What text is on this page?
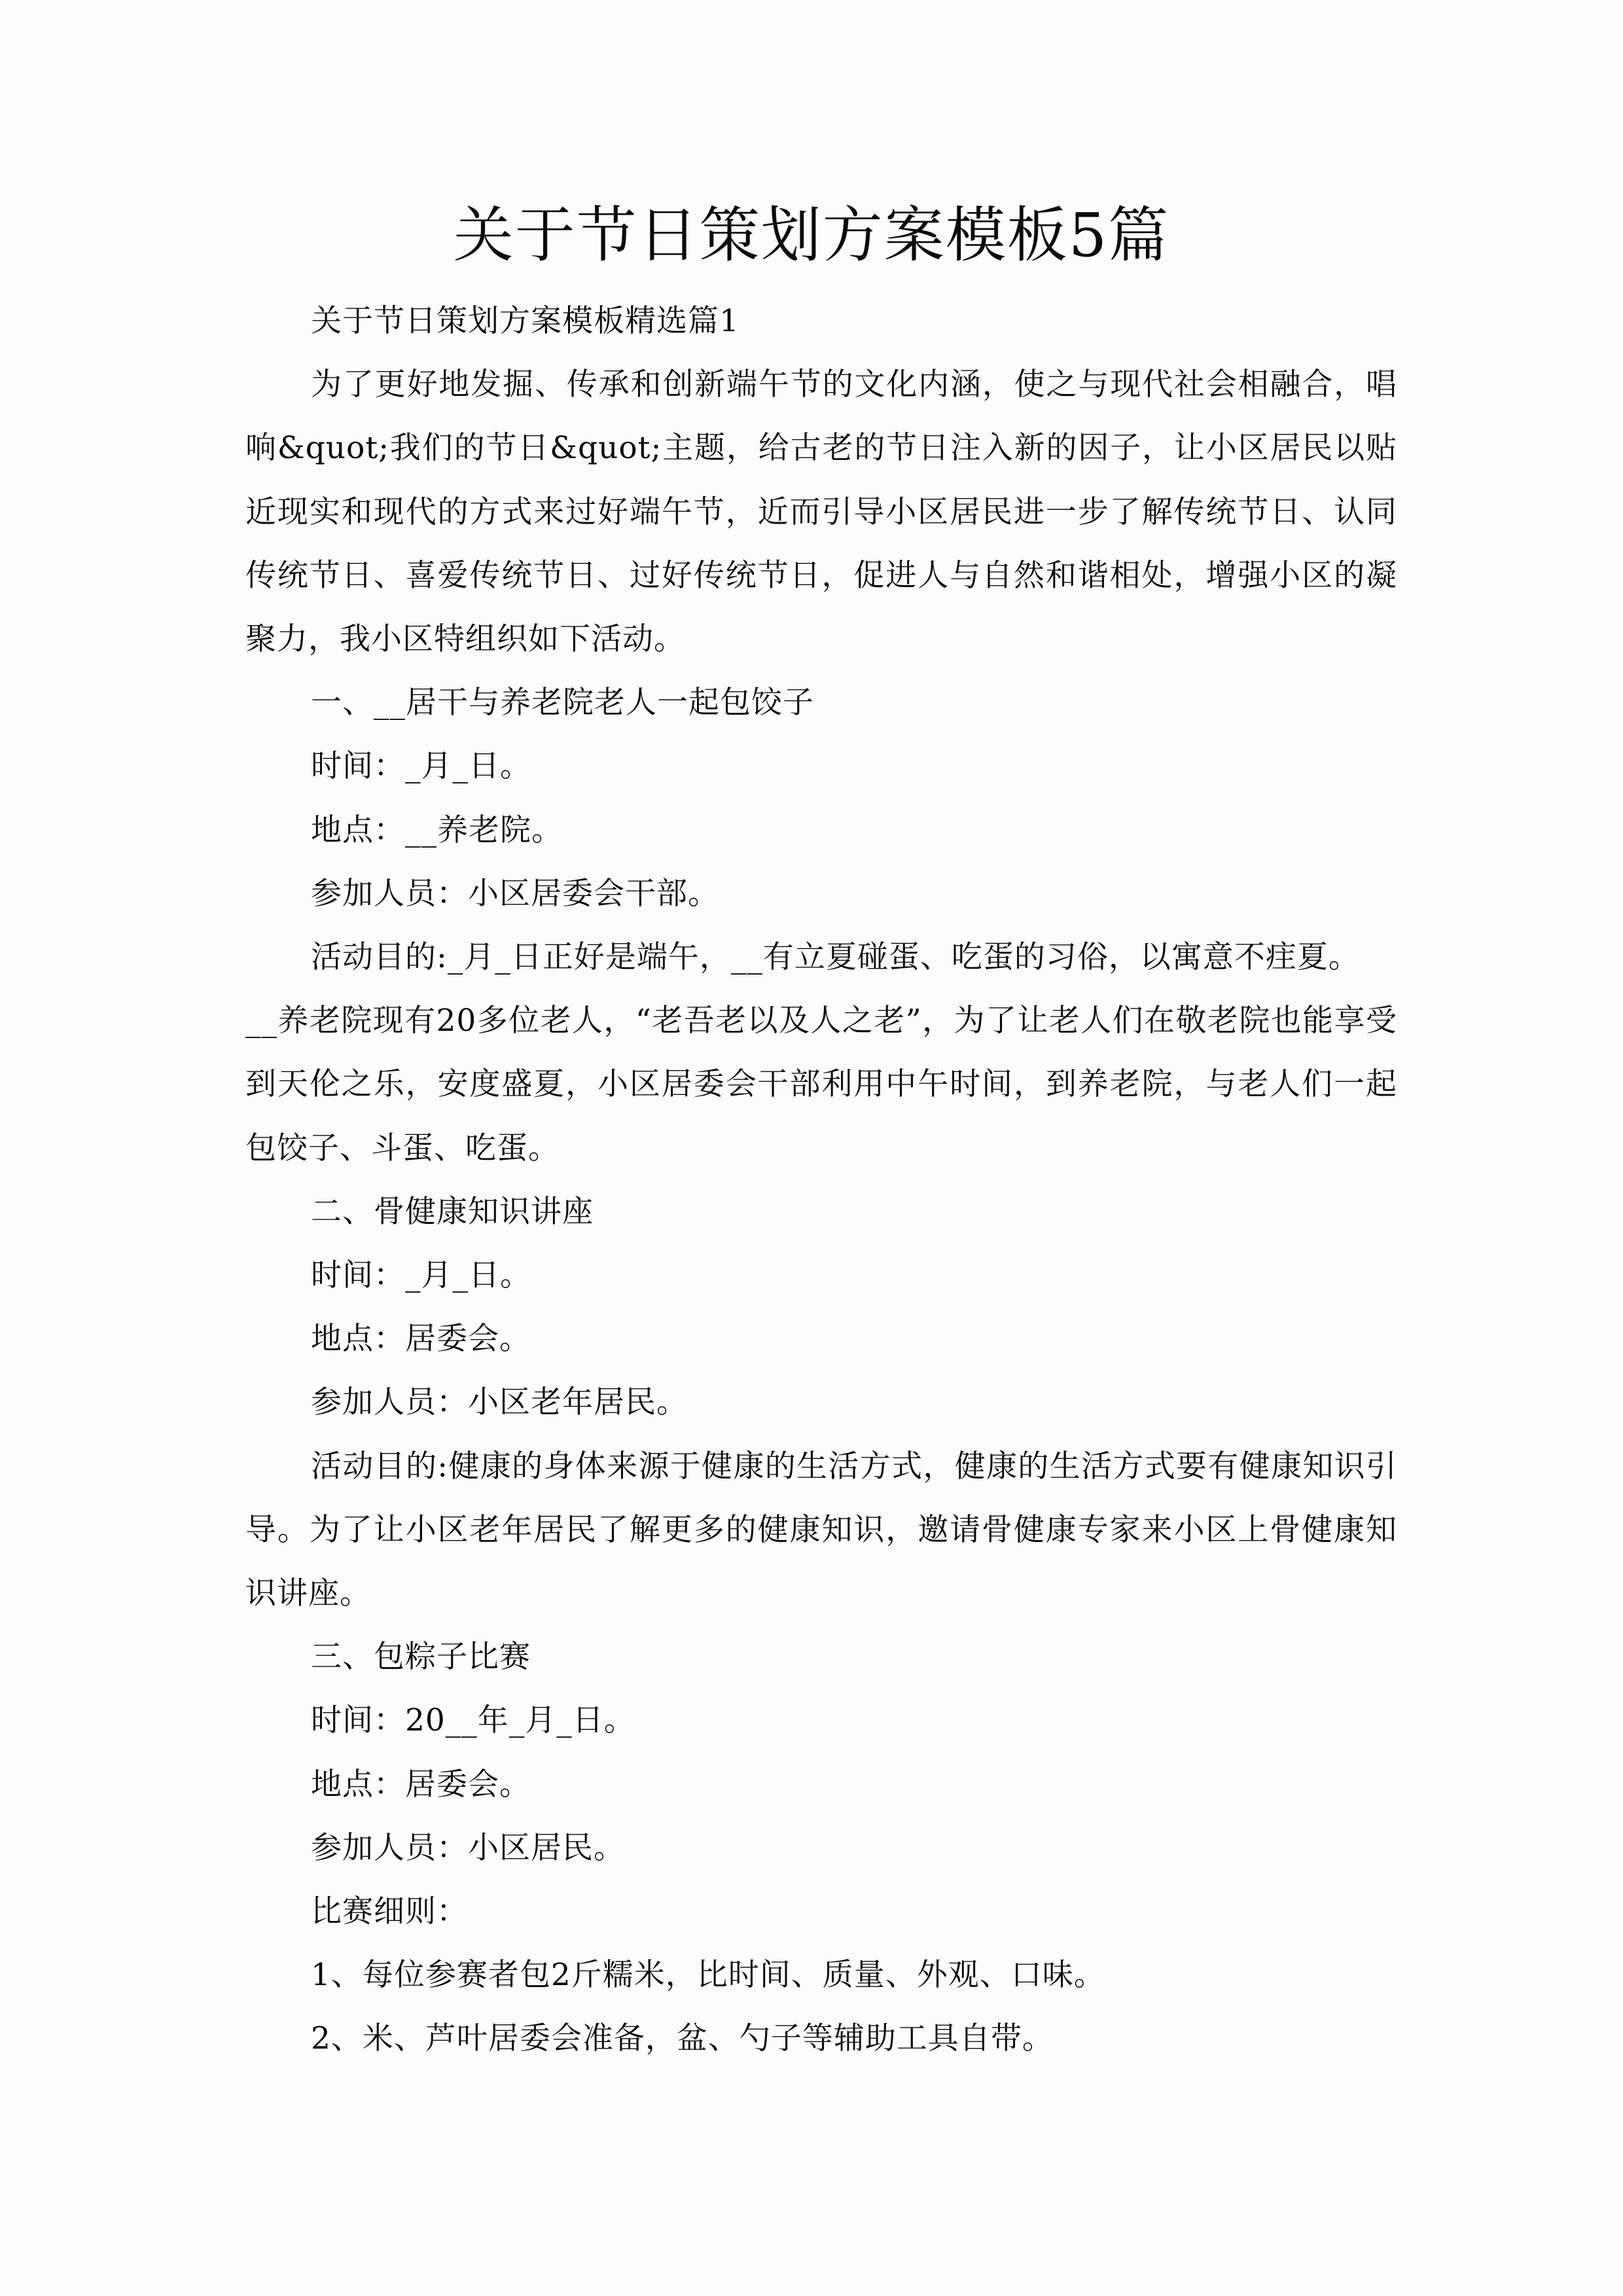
关于节日策划方案模板5篇

关于节日策划方案模板精选篇1

为了更好地发掘、传承和创新端午节的文化内涵，使之与现代社会相融合，唱响&quot;我们的节日&quot;主题，给古老的节日注入新的因子，让小区居民以贴近现实和现代的方式来过好端午节，近而引导小区居民进一步了解传统节日、认同传统节日、喜爱传统节日、过好传统节日，促进人与自然和谐相处，增强小区的凝聚力，我小区特组织如下活动。

一、__居干与养老院老人一起包饺子

时间：_月_日。

地点：__养老院。

参加人员：小区居委会干部。

活动目的:_月_日正好是端午，__有立夏碰蛋、吃蛋的习俗，以寓意不疰夏。

__养老院现有20多位老人，“老吾老以及人之老”，为了让老人们在敬老院也能享受到天伦之乐，安度盛夏，小区居委会干部利用中午时间，到养老院，与老人们一起包饺子、斗蛋、吃蛋。

二、骨健康知识讲座

时间：_月_日。

地点：居委会。

参加人员：小区老年居民。

活动目的:健康的身体来源于健康的生活方式，健康的生活方式要有健康知识引导。为了让小区老年居民了解更多的健康知识，邀请骨健康专家来小区上骨健康知识讲座。

三、包粽子比赛

时间：20__年_月_日。

地点：居委会。

参加人员：小区居民。

比赛细则：

1、每位参赛者包2斤糯米，比时间、质量、外观、口味。

2、米、芦叶居委会准备，盆、勺子等辅助工具自带。
